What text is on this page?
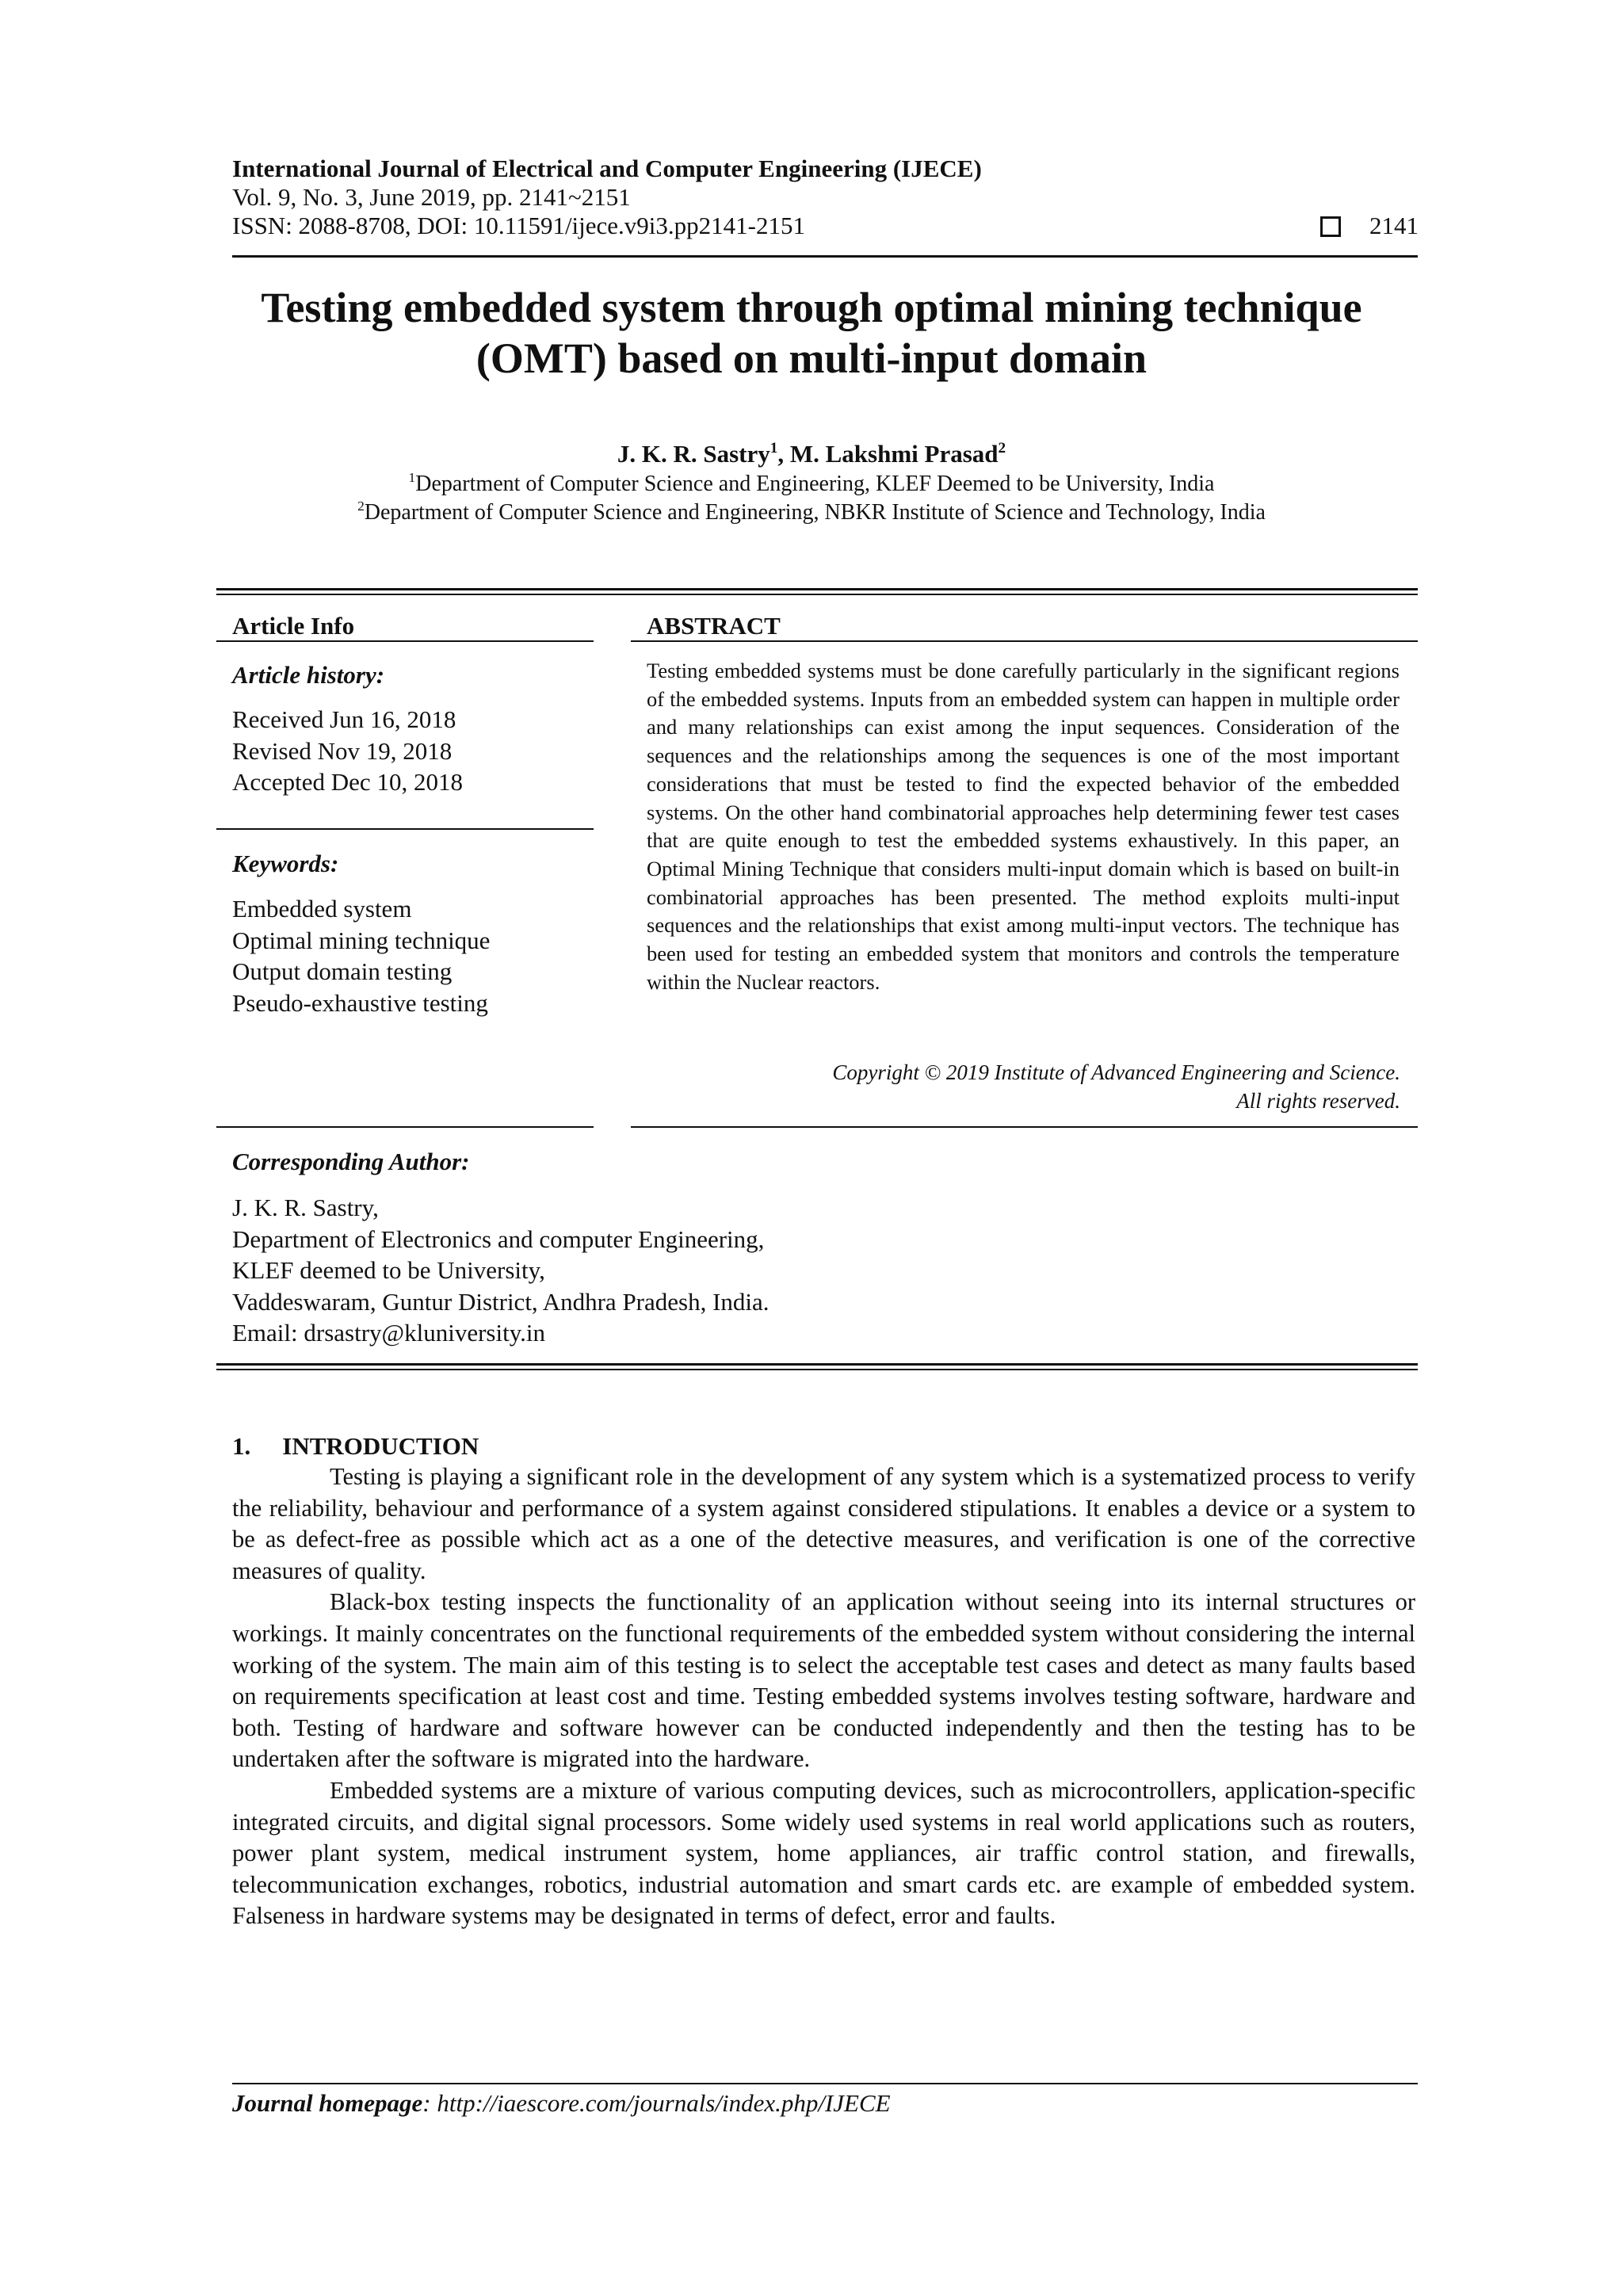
International Journal of Electrical and Computer Engineering (IJECE)
Vol. 9, No. 3, June 2019, pp. 2141~2151
ISSN: 2088-8708, DOI: 10.11591/ijece.v9i3.pp2141-2151	2141
Testing embedded system through optimal mining technique
(OMT) based on multi-input domain
J. K. R. Sastry$^1$, M. Lakshmi Prasad$^2$
$^1$Department of Computer Science and Engineering, KLEF Deemed to be University, India
$^2$Department of Computer Science and Engineering, NBKR Institute of Science and Technology, India
Article Info
Article history:
Received Jun 16, 2018
Revised Nov 19, 2018
Accepted Dec 10, 2018
Keywords:
Embedded system
Optimal mining technique
Output domain testing
Pseudo-exhaustive testing
ABSTRACT
Testing embedded systems must be done carefully particularly in the significant regions of the embedded systems. Inputs from an embedded system can happen in multiple order and many relationships can exist among the input sequences. Consideration of the sequences and the relationships among the sequences is one of the most important considerations that must be tested to find the expected behavior of the embedded systems. On the other hand combinatorial approaches help determining fewer test cases that are quite enough to test the embedded systems exhaustively. In this paper, an Optimal Mining Technique that considers multi-input domain which is based on built-in combinatorial approaches has been presented. The method exploits multi-input sequences and the relationships that exist among multi-input vectors. The technique has been used for testing an embedded system that monitors and controls the temperature within the Nuclear reactors.
Copyright © 2019 Institute of Advanced Engineering and Science.
All rights reserved.
Corresponding Author:
J. K. R. Sastry,
Department of Electronics and computer Engineering,
KLEF deemed to be University,
Vaddeswaram, Guntur District, Andhra Pradesh, India.
Email: drsastry@kluniversity.in
1. INTRODUCTION

Testing is playing a significant role in the development of any system which is a systematized process to verify the reliability, behaviour and performance of a system against considered stipulations. It enables a device or a system to be as defect-free as possible which act as a one of the detective measures, and verification is one of the corrective measures of quality.

Black-box testing inspects the functionality of an application without seeing into its internal structures or workings. It mainly concentrates on the functional requirements of the embedded system without considering the internal working of the system. The main aim of this testing is to select the acceptable test cases and detect as many faults based on requirements specification at least cost and time. Testing embedded systems involves testing software, hardware and both. Testing of hardware and software however can be conducted independently and then the testing has to be undertaken after the software is migrated into the hardware.

Embedded systems are a mixture of various computing devices, such as microcontrollers, application-specific integrated circuits, and digital signal processors. Some widely used systems in real world applications such as routers, power plant system, medical instrument system, home appliances, air traffic control station, and firewalls, telecommunication exchanges, robotics, industrial automation and smart cards etc. are example of embedded system. Falseness in hardware systems may be designated in terms of defect, error and faults.

Journal homepage: http://iaescore.com/journals/index.php/IJECE
